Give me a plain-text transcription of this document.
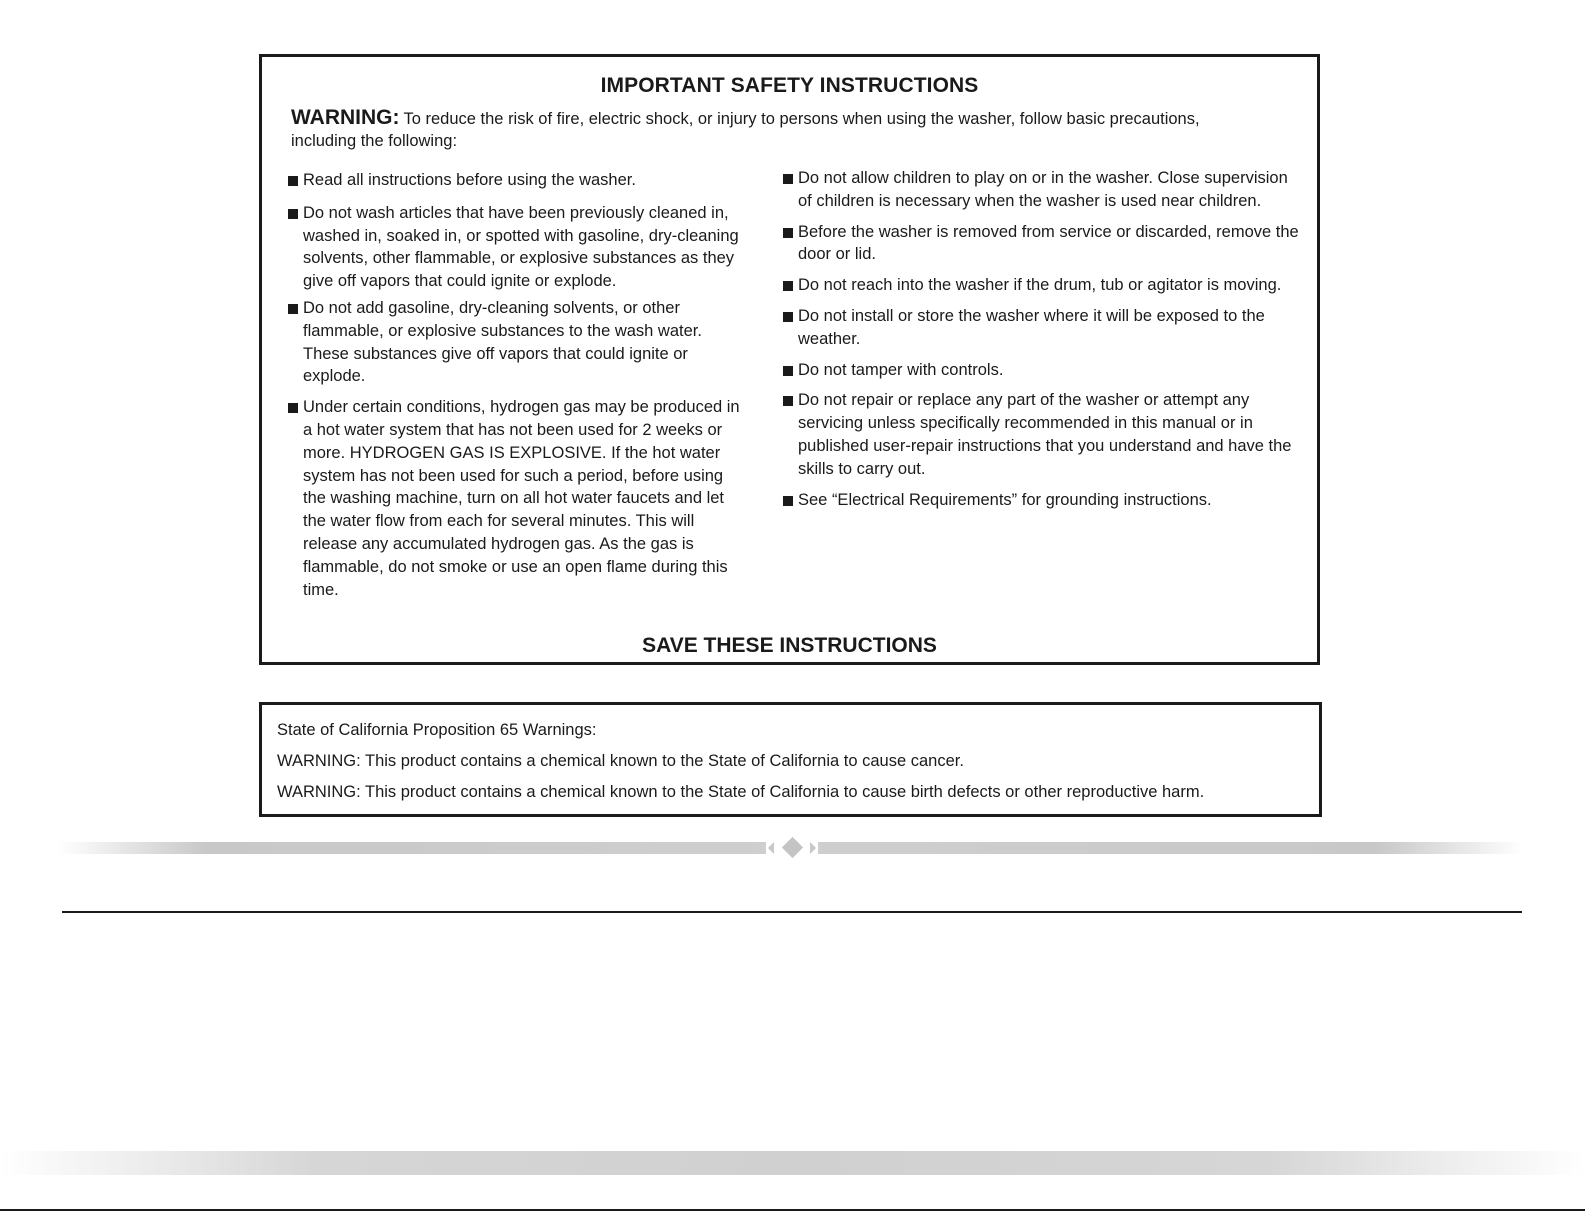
IMPORTANT SAFETY INSTRUCTIONS
WARNING: To reduce the risk of fire, electric shock, or injury to persons when using the washer, follow basic precautions,
including the following:
Read all instructions before using the washer.
Do not wash articles that have been previously cleaned in, washed in, soaked in, or spotted with gasoline, dry-cleaning solvents, other flammable, or explosive substances as they give off vapors that could ignite or explode.
Do not add gasoline, dry-cleaning solvents, or other flammable, or explosive substances to the wash water. These substances give off vapors that could ignite or explode.
Under certain conditions, hydrogen gas may be produced in a hot water system that has not been used for 2 weeks or more. HYDROGEN GAS IS EXPLOSIVE. If the hot water system has not been used for such a period, before using the washing machine, turn on all hot water faucets and let the water flow from each for several minutes. This will release any accumulated hydrogen gas. As the gas is flammable, do not smoke or use an open flame during this time.
Do not allow children to play on or in the washer. Close supervision of children is necessary when the washer is used near children.
Before the washer is removed from service or discarded, remove the door or lid.
Do not reach into the washer if the drum, tub or agitator is moving.
Do not install or store the washer where it will be exposed to the weather.
Do not tamper with controls.
Do not repair or replace any part of the washer or attempt any servicing unless specifically recommended in this manual or in published user-repair instructions that you understand and have the skills to carry out.
See “Electrical Requirements” for grounding instructions.
SAVE THESE INSTRUCTIONS
State of California Proposition 65 Warnings:
WARNING: This product contains a chemical known to the State of California to cause cancer.
WARNING: This product contains a chemical known to the State of California to cause birth defects or other reproductive harm.
